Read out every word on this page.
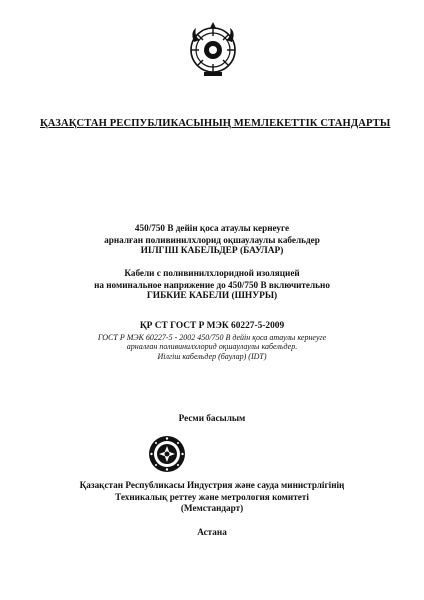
ҚАЗАҚСТАН РЕСПУБЛИКАСЫНЫҢ МЕМЛЕКЕТТІК СТАНДАРТЫ
450/750 В дейін қоса атаулы кернеуге
арналған поливинилхлорид оқшаулаулы кабельдер
ИІЛГІШ КАБЕЛЬДЕР (БАУЛАР)
Кабели с поливинилхлоридной изоляцией
на номинальное напряжение до 450/750 В включительно
ГИБКИЕ КАБЕЛИ (ШНУРЫ)
ҚР СТ ГОСТ Р МЭК 60227-5-2009
ГОСТ Р МЭК 60227-5 - 2002 450/750 В дейін қоса атаулы кернеуге
арналған поливинилхлорид оқшаулаулы кабельдер.
Иілгіш кабельдер (баулар) (IDT)
Ресми басылым
Қазақстан Республикасы Индустрия және сауда министрлігінің
Техникалық реттеу және метрология комитеті
(Мемстандарт)
Астана
